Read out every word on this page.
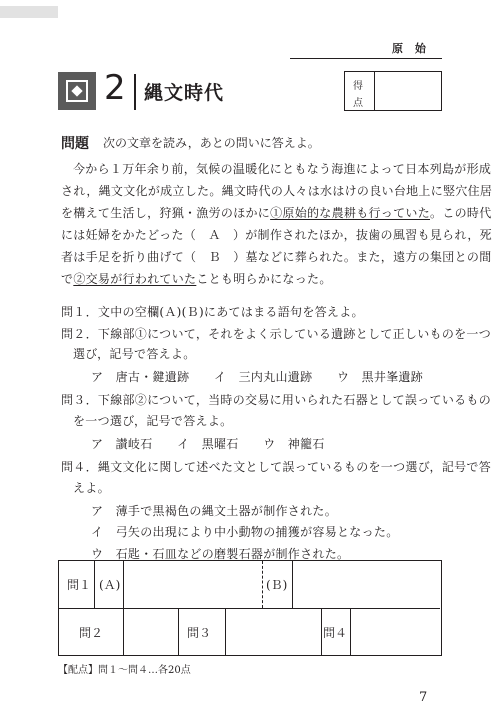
原 始
2 縄文時代	得
点
問題 次の文章を読み，あとの問いに答えよ。
今から１万年余り前，気候の温暖化にともなう海進によって日本列島が形成
され，縄文文化が成立した。縄文時代の人々は水はけの良い台地上に竪穴住居
を構えて生活し，狩猟・漁労のほかに①原始的な農耕も行っていた。この時代
には妊婦をかたどった（　Ａ　）が制作されたほか，抜歯の風習も見られ，死
者は手足を折り曲げて（　Ｂ　）墓などに葬られた。また，遠方の集団との間
で②交易が行われていたことも明らかになった。
問１．文中の空欄(Ａ)(Ｂ)にあてはまる語句を答えよ。
問２．下線部①について，それをよく示している遺跡として正しいものを一つ
選び，記号で答えよ。
ア　唐古・鍵遺跡　　イ　三内丸山遺跡　　ウ　黒井峯遺跡
問３．下線部②について，当時の交易に用いられた石器として誤っているもの
を一つ選び，記号で答えよ。
ア　讃岐石　　イ　黒曜石　　ウ　神籠石
問４．縄文文化に関して述べた文として誤っているものを一つ選び，記号で答
えよ。
ア　薄手で黒褐色の縄文土器が制作された。
イ　弓矢の出現により中小動物の捕獲が容易となった。
ウ　石匙・石皿などの磨製石器が制作された。
問１ (Ａ)	(Ｂ)
問２	問３	問４
【配点】問１～問４…各20点
7
